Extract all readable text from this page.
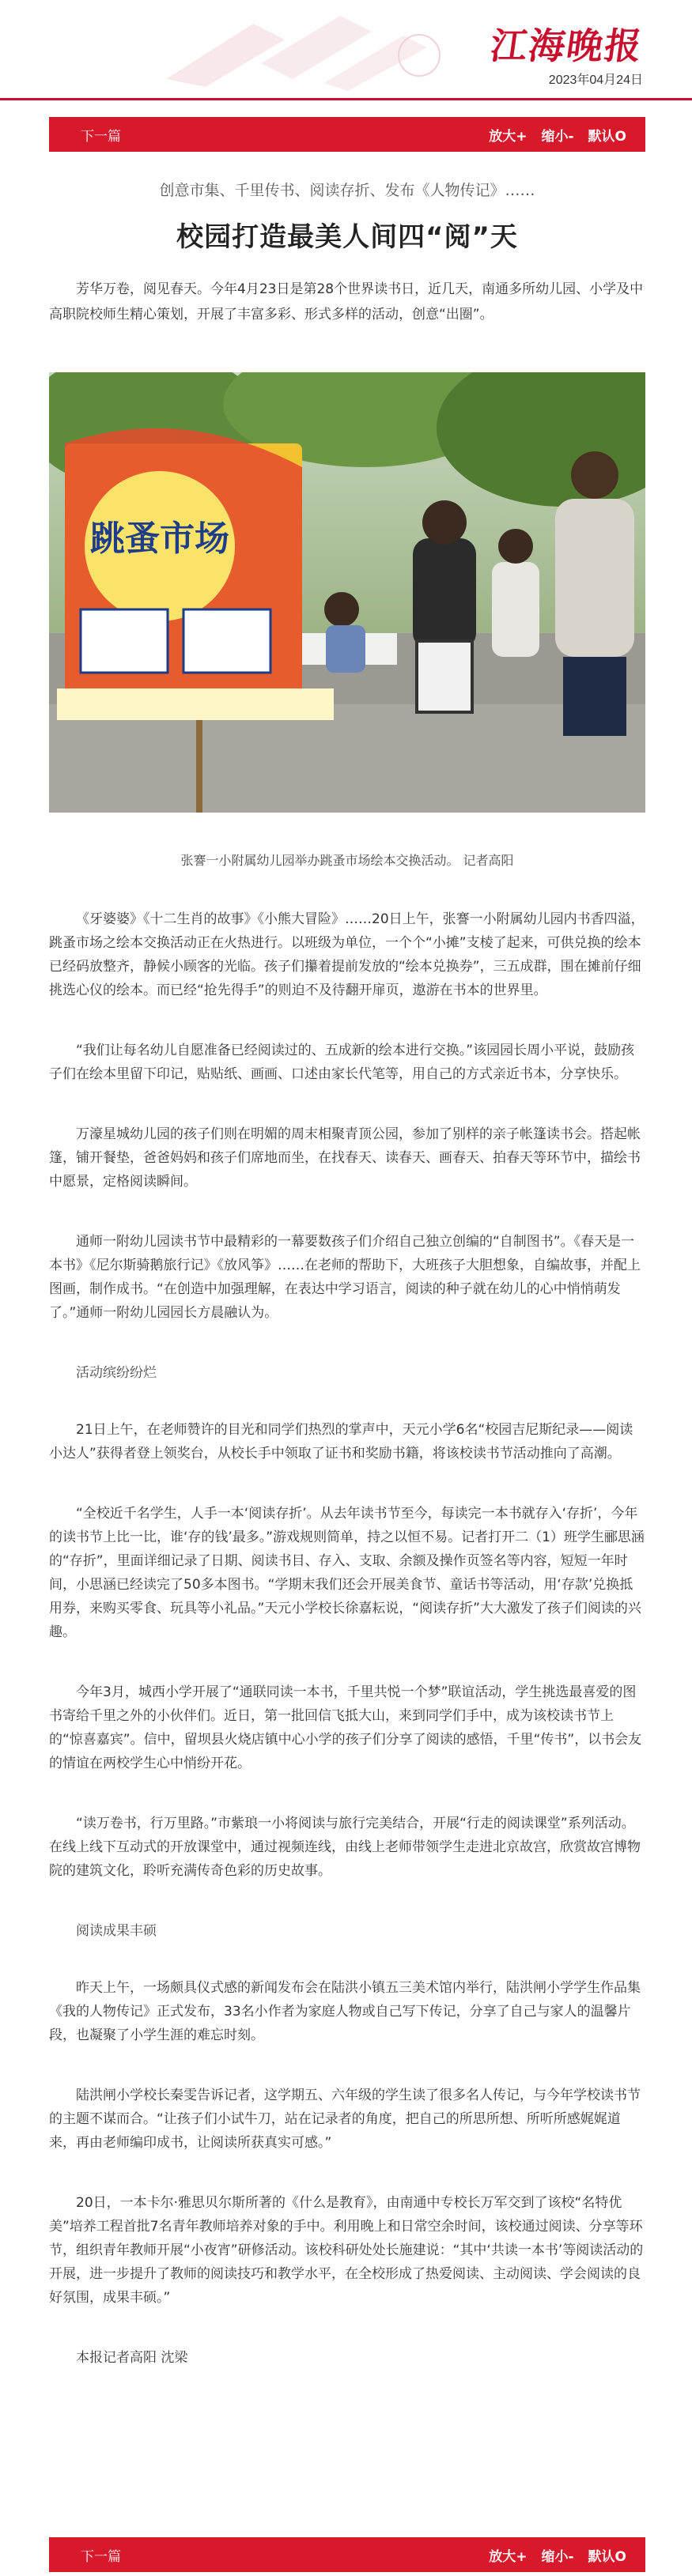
江海晚报
2023年04月24日
下一篇	放大+ 缩小- 默认O
创意市集、千里传书、阅读存折、发布《人物传记》……
校园打造最美人间四“阅”天

芳华万卷，阅见春天。今年4月23日是第28个世界读书日，近几天，南通多所幼儿园、小学及中高职院校师生精心策划，开展了丰富多彩、形式多样的活动，创意“出圈”。

跳蚤市场
张謇一小附属幼儿园举办跳蚤市场绘本交换活动。 记者高阳

《牙婆婆》《十二生肖的故事》《小熊大冒险》……20日上午，张謇一小附属幼儿园内书香四溢，跳蚤市场之绘本交换活动正在火热进行。以班级为单位，一个个“小摊”支棱了起来，可供兑换的绘本已经码放整齐，静候小顾客的光临。孩子们攥着提前发放的“绘本兑换券”，三五成群，围在摊前仔细挑选心仪的绘本。而已经“抢先得手”的则迫不及待翻开扉页，遨游在书本的世界里。

“我们让每名幼儿自愿准备已经阅读过的、五成新的绘本进行交换。”该园园长周小平说，鼓励孩子们在绘本里留下印记，贴贴纸、画画、口述由家长代笔等，用自己的方式亲近书本，分享快乐。

万濠星城幼儿园的孩子们则在明媚的周末相聚青顶公园，参加了别样的亲子帐篷读书会。搭起帐篷，铺开餐垫，爸爸妈妈和孩子们席地而坐，在找春天、读春天、画春天、拍春天等环节中，描绘书中愿景，定格阅读瞬间。

通师一附幼儿园读书节中最精彩的一幕要数孩子们介绍自己独立创编的“自制图书”。《春天是一本书》《尼尔斯骑鹅旅行记》《放风筝》……在老师的帮助下，大班孩子大胆想象，自编故事，并配上图画，制作成书。“在创造中加强理解，在表达中学习语言，阅读的种子就在幼儿的心中悄悄萌发了。”通师一附幼儿园园长方晨融认为。

活动缤纷纷烂

21日上午，在老师赞许的目光和同学们热烈的掌声中，天元小学6名“校园吉尼斯纪录——阅读小达人”获得者登上领奖台，从校长手中领取了证书和奖励书籍，将该校读书节活动推向了高潮。

“全校近千名学生，人手一本‘阅读存折’。从去年读书节至今，每读完一本书就存入‘存折’，今年的读书节上比一比，谁‘存的钱’最多。”游戏规则简单，持之以恒不易。记者打开二（1）班学生郦思涵的“存折”，里面详细记录了日期、阅读书目、存入、支取、余额及操作页签名等内容，短短一年时间，小思涵已经读完了50多本图书。“学期末我们还会开展美食节、童话书等活动，用‘存款’兑换抵用券，来购买零食、玩具等小礼品。”天元小学校长徐嘉耘说，“阅读存折”大大激发了孩子们阅读的兴趣。

今年3月，城西小学开展了“通联同读一本书，千里共悦一个梦”联谊活动，学生挑选最喜爱的图书寄给千里之外的小伙伴们。近日，第一批回信飞抵大山，来到同学们手中，成为该校读书节上的“惊喜嘉宾”。信中，留坝县火烧店镇中心小学的孩子们分享了阅读的感悟，千里“传书”，以书会友的情谊在两校学生心中悄纷开花。

“读万卷书，行万里路。”市紫琅一小将阅读与旅行完美结合，开展“行走的阅读课堂”系列活动。在线上线下互动式的开放课堂中，通过视频连线，由线上老师带领学生走进北京故宫，欣赏故宫博物院的建筑文化，聆听充满传奇色彩的历史故事。

阅读成果丰硕

昨天上午，一场颇具仪式感的新闻发布会在陆洪小镇五三美术馆内举行，陆洪闸小学学生作品集《我的人物传记》正式发布，33名小作者为家庭人物或自己写下传记，分享了自己与家人的温馨片段，也凝聚了小学生涯的难忘时刻。

陆洪闸小学校长秦雯告诉记者，这学期五、六年级的学生读了很多名人传记，与今年学校读书节的主题不谋而合。“让孩子们小试牛刀，站在记录者的角度，把自己的所思所想、所听所感娓娓道来，再由老师编印成书，让阅读所获真实可感。”

20日，一本卡尔·雅思贝尔斯所著的《什么是教育》，由南通中专校长万军交到了该校“名特优美”培养工程首批7名青年教师培养对象的手中。利用晚上和日常空余时间，该校通过阅读、分享等环节，组织青年教师开展“小夜宵”研修活动。该校科研处处长施建说：“其中‘共读一本书’等阅读活动的开展，进一步提升了教师的阅读技巧和教学水平，在全校形成了热爱阅读、主动阅读、学会阅读的良好氛围，成果丰硕。”

本报记者高阳 沈梁

下一篇	放大+ 缩小- 默认O
